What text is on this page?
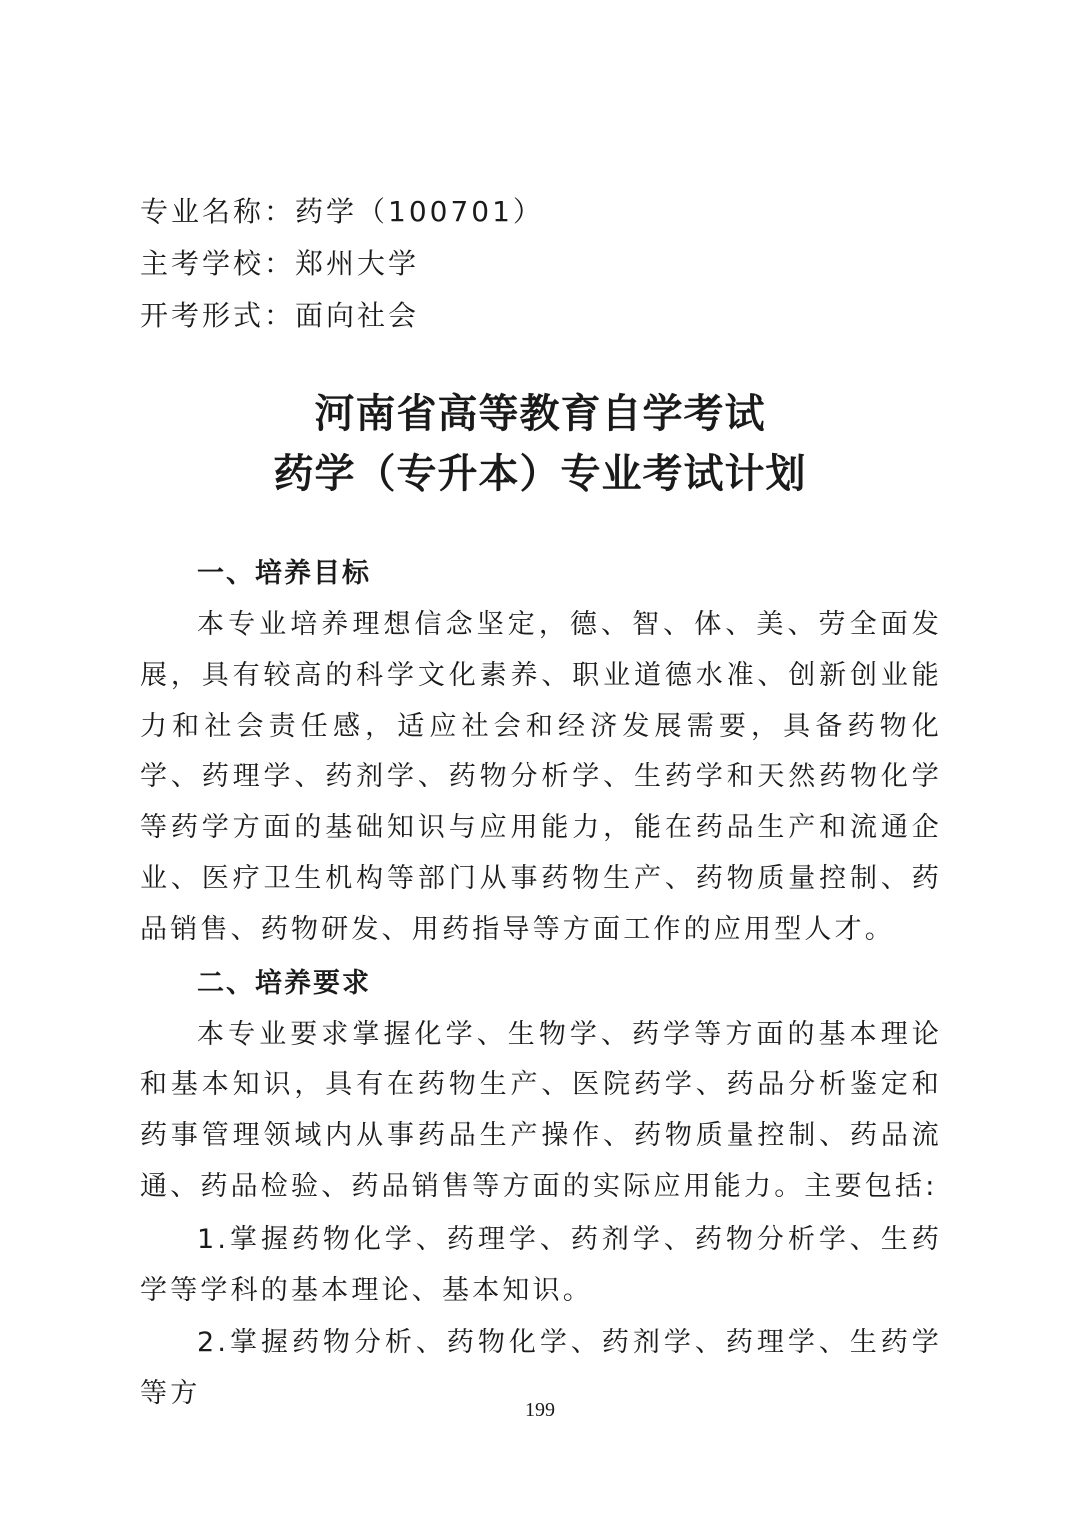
专业名称：药学（100701）
主考学校：郑州大学
开考形式：面向社会
河南省高等教育自学考试
药学（专升本）专业考试计划
一、培养目标

本专业培养理想信念坚定，德、智、体、美、劳全面发展，具有较高的科学文化素养、职业道德水准、创新创业能力和社会责任感，适应社会和经济发展需要，具备药物化学、药理学、药剂学、药物分析学、生药学和天然药物化学等药学方面的基础知识与应用能力，能在药品生产和流通企业、医疗卫生机构等部门从事药物生产、药物质量控制、药品销售、药物研发、用药指导等方面工作的应用型人才。

二、培养要求

本专业要求掌握化学、生物学、药学等方面的基本理论和基本知识，具有在药物生产、医院药学、药品分析鉴定和药事管理领域内从事药品生产操作、药物质量控制、药品流通、药品检验、药品销售等方面的实际应用能力。主要包括:

1.掌握药物化学、药理学、药剂学、药物分析学、生药学等学科的基本理论、基本知识。

2.掌握药物分析、药物化学、药剂学、药理学、生药学等方

199
